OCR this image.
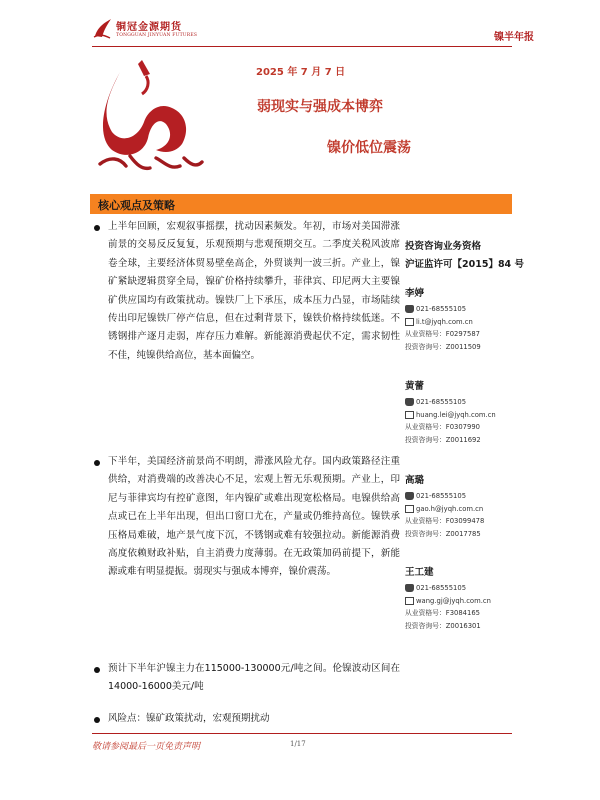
铜冠金源期货
TONGGUAN JINYUAN FUTURES	镍半年报
2025 年 7 月 7 日
弱现实与强成本博弈
镍价低位震荡
核心观点及策略

上半年回顾，宏观叙事摇摆，扰动因素频发。年初，市场对美国滞涨前景的交易反反复复，乐观预期与悲观预期交互。二季度关税风波席卷全球，主要经济体贸易壁垒高企，外贸谈判一波三折。产业上，镍矿紧缺逻辑贯穿全局，镍矿价格持续攀升，菲律宾、印尼两大主要镍矿供应国均有政策扰动。镍铁厂上下承压，成本压力凸显，市场陆续传出印尼镍铁厂停产信息，但在过剩背景下，镍铁价格持续低迷。不锈钢排产逐月走弱，库存压力难解。新能源消费起伏不定，需求韧性不佳，纯镍供给高位，基本面偏空。

下半年，美国经济前景尚不明朗，滞涨风险尤存。国内政策路径注重供给，对消费端的改善决心不足，宏观上暂无乐观预期。产业上，印尼与菲律宾均有控矿意图，年内镍矿或难出现宽松格局。电镍供给高点或已在上半年出现，但出口窗口尤在，产量或仍维持高位。镍铁承压格局难破，地产景气度下沉，不锈钢或难有较强拉动。新能源消费高度依赖财政补贴，自主消费力度薄弱。在无政策加码前提下，新能源或难有明显提振。弱现实与强成本博弈，镍价震荡。

预计下半年沪镍主力在115000-130000元/吨之间。伦镍波动区间在14000-16000美元/吨

风险点：镍矿政策扰动，宏观预期扰动

投资咨询业务资格
沪证监许可【2015】84 号
李婷
021-68555105
li.t@jyqh.com.cn
从业资格号：F0297587
投资咨询号：Z0011509
黄蕾
021-68555105
huang.lei@jyqh.com.cn
从业资格号：F0307990
投资咨询号：Z0011692
高璐
021-68555105
gao.h@jyqh.com.cn
从业资格号：F03099478
投资咨询号：Z0017785
王工建
021-68555105
wang.gj@jyqh.com.cn
从业资格号：F3084165
投资咨询号：Z0016301
敬请参阅最后一页免责声明	1/17
